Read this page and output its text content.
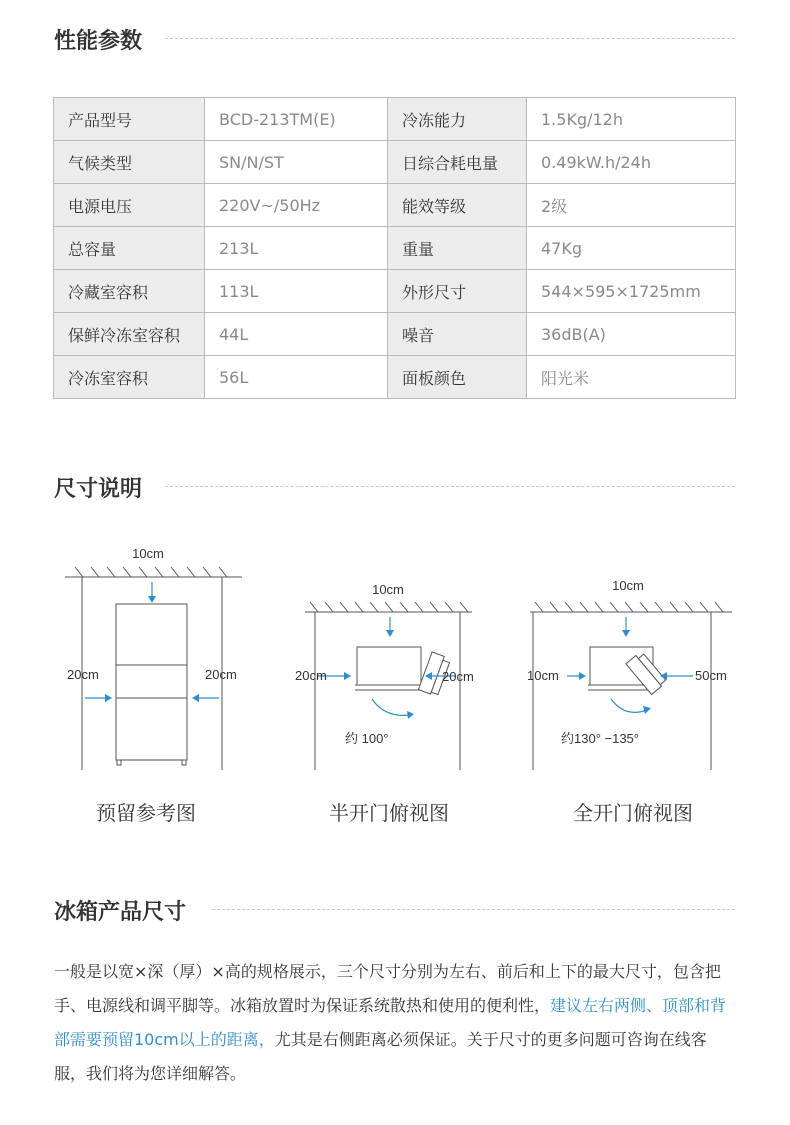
性能参数
产品型号	BCD-213TM(E)	冷冻能力	1.5Kg/12h
气候类型	SN/N/ST	日综合耗电量	0.49kW.h/24h
电源电压	220V~/50Hz	能效等级	2级
总容量	213L	重量	47Kg
冷藏室容积	113L	外形尺寸	544×595×1725mm
保鲜冷冻室容积	44L	噪音	36dB(A)
冷冻室容积	56L	面板颜色	阳光米
尺寸说明
10cm
20cm	20cm
10cm
20cm	20cm
约 100°
10cm
10cm	50cm
约130° −135°
预留参考图	半开门俯视图	全开门俯视图
冰箱产品尺寸

一般是以宽×深（厚）×高的规格展示，三个尺寸分别为左右、前后和上下的最大尺寸，包含把手、电源线和调平脚等。冰箱放置时为保证系统散热和使用的便利性，建议左右两侧、顶部和背部需要预留10cm以上的距离，尤其是右侧距离必须保证。关于尺寸的更多问题可咨询在线客服，我们将为您详细解答。
